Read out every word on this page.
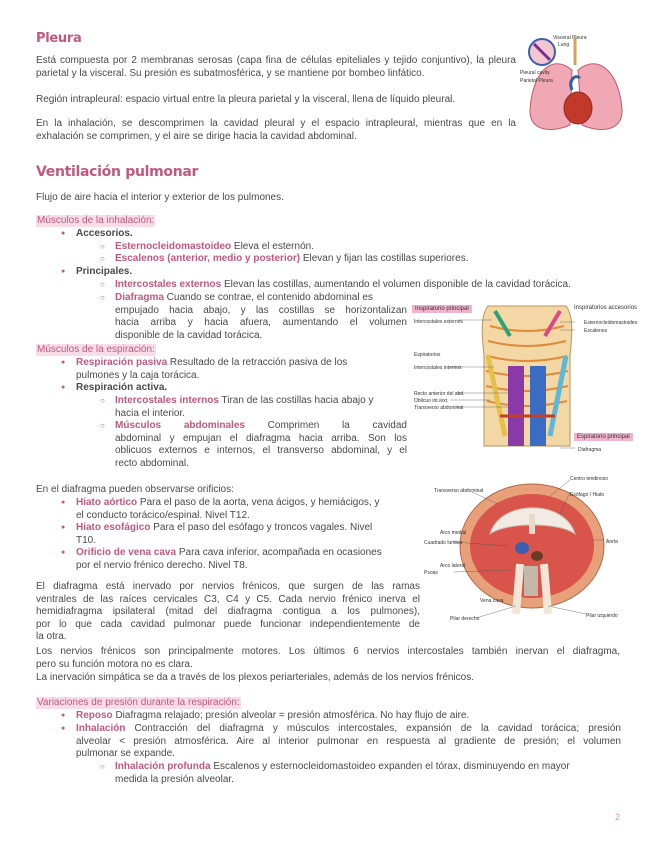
Pleura

Está compuesta por 2 membranas serosas (capa fina de células epiteliales y tejido conjuntivo), la pleura parietal y la visceral. Su presión es subatmosférica, y se mantiene por bombeo linfático.

Región intrapleural: espacio virtual entre la pleura parietal y la visceral, llena de líquido pleural.

En la inhalación, se descomprimen la cavidad pleural y el espacio intrapleural, mientras que en la exhalación se comprimen, y el aire se dirige hacia la cavidad abdominal.

Visceral Pleura
Lung
Pleural cavity
Parietal Pleura
Ventilación pulmonar

Flujo de aire hacia el interior y exterior de los pulmones.

Músculos de la inhalación:
● Accesorios.
○ Esternocleidomastoideo Eleva el esternón.
○ Escalenos (anterior, medio y posterior) Elevan y fijan las costillas superiores.
● Principales.
○ Intercostales externos Elevan las costillas, aumentando el volumen disponible de la cavidad torácica.
○ Diafragma Cuando se contrae, el contenido abdominal es
empujado hacia abajo, y las costillas se horizontalizan
hacia arriba y hacia afuera, aumentando el volumen
disponible de la cavidad torácica.
Músculos de la espiración:
● Respiración pasiva Resultado de la retracción pasiva de los
pulmones y la caja torácica.
● Respiración activa.
○ Intercostales internos Tiran de las costillas hacia abajo y
hacia el interior.
○ Músculos abdominales Comprimen la cavidad
abdominal y empujan el diafragma hacia arriba. Son los
oblicuos externos e internos, el transverso abdominal, y el
recto abdominal.
Intercostales externos	Esternocleidomastoideo
Escalenos
Espiratorios
Intercostales internos
Recto anterior del abd.
Oblicuo int./ext.
Transverso abdominal
Diafragma
Inspiratorio principal	Inspiratorios accesorios
Espiratorio principal

En el diafragma pueden observarse orificios:

● Hiato aórtico Para el paso de la aorta, vena ácigos, y hemiácigos, y
el conducto torácico/espinal. Nivel T12.
● Hiato esofágico Para el paso del esófago y troncos vagales. Nivel
T10.
● Orificio de vena cava Para cava inferior, acompañada en ocasiones
por el nervio frénico derecho. Nivel T8.
El diafragma está inervado por nervios frénicos, que surgen de las ramas
ventrales de las raíces cervicales C3, C4 y C5. Cada nervio frénico inerva el
hemidiafragma ipsilateral (mitad del diafragma contigua a los pulmones),
por lo que cada cavidad pulmonar puede funcionar independientemente de
la otra.
Los nervios frénicos son principalmente motores. Los últimos 6 nervios intercostales también inervan el diafragma,
pero su función motora no es clara.

La inervación simpática se da a través de los plexos periarteriales, además de los nervios frénicos.

Centro tendinoso
Transverso abdominal
Esófago / Hiato
Aorta
Arco medial
Cuadrado lumbar
Arco lateral
Psoas
Pilar derecho	Pilar izquierdo
Vena cava
Variaciones de presión durante la respiración:
● Reposo Diafragma relajado; presión alveolar = presión atmosférica. No hay flujo de aire.
● Inhalación Contracción del diafragma y músculos intercostales, expansión de la cavidad torácica; presión
alveolar < presión atmosférica. Aire al interior pulmonar en respuesta al gradiente de presión; el volumen
pulmonar se expande.
○ Inhalación profunda Escalenos y esternocleidomastoideo expanden el tórax, disminuyendo en mayor
medida la presión alveolar.
2
